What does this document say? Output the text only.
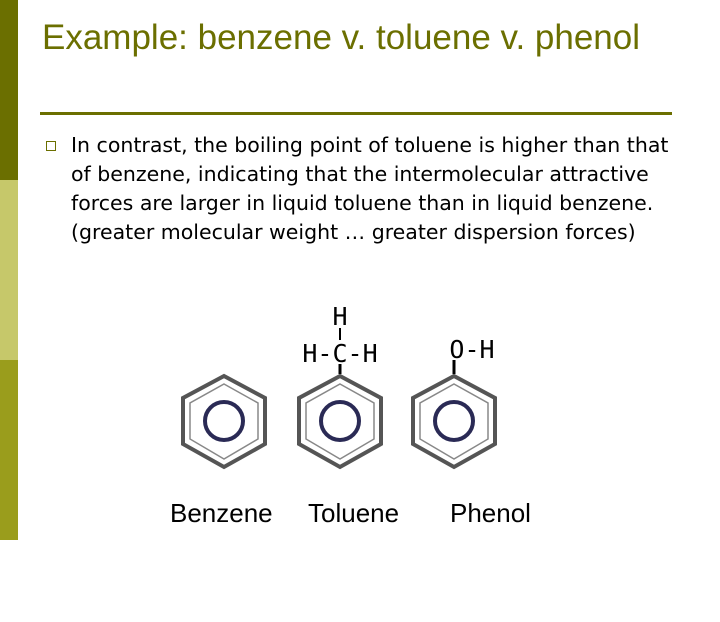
Example: benzene v. toluene v. phenol
In contrast, the boiling point of toluene is higher than that of benzene, indicating that the intermolecular attractive forces are larger in liquid toluene than in liquid benzene. (greater molecular weight … greater dispersion forces)
H
H-C-H	O-H

Benzene

Toluene

Phenol
